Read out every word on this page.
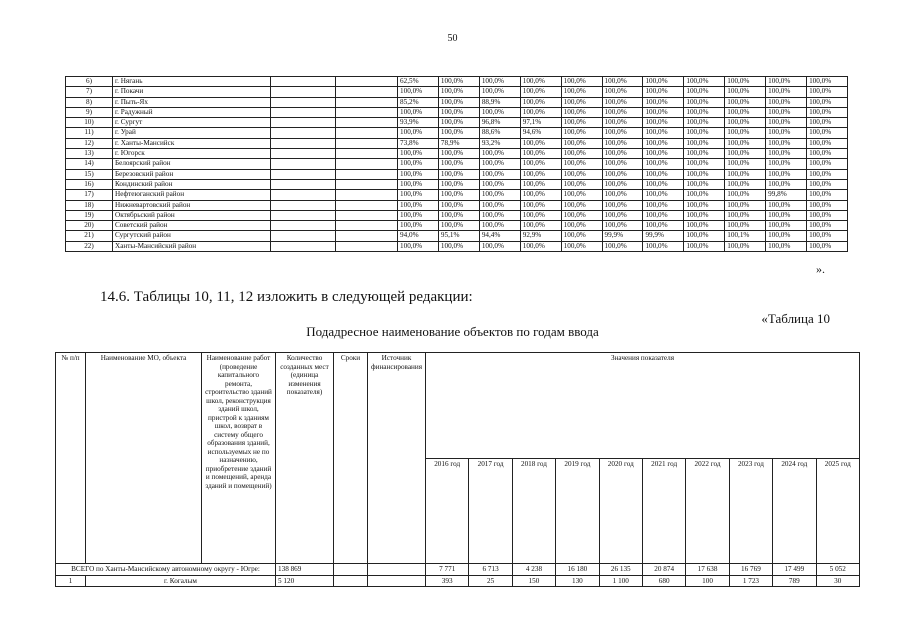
50
6)	г. Нягань			62,5%	100,0%	100,0%	100,0%	100,0%	100,0%	100,0%	100,0%	100,0%	100,0%	100,0%
7)	г. Покачи			100,0%	100,0%	100,0%	100,0%	100,0%	100,0%	100,0%	100,0%	100,0%	100,0%	100,0%
8)	г. Пыть-Ях			85,2%	100,0%	88,9%	100,0%	100,0%	100,0%	100,0%	100,0%	100,0%	100,0%	100,0%
9)	г. Радужный			100,0%	100,0%	100,0%	100,0%	100,0%	100,0%	100,0%	100,0%	100,0%	100,0%	100,0%
10)	г. Сургут			93,9%	100,0%	96,8%	97,1%	100,0%	100,0%	100,0%	100,0%	100,0%	100,0%	100,0%
11)	г. Урай			100,0%	100,0%	88,6%	94,6%	100,0%	100,0%	100,0%	100,0%	100,0%	100,0%	100,0%
12)	г. Ханты-Мансийск			73,8%	78,9%	93,2%	100,0%	100,0%	100,0%	100,0%	100,0%	100,0%	100,0%	100,0%
13)	г. Югорск			100,0%	100,0%	100,0%	100,0%	100,0%	100,0%	100,0%	100,0%	100,0%	100,0%	100,0%
14)	Белоярский район			100,0%	100,0%	100,0%	100,0%	100,0%	100,0%	100,0%	100,0%	100,0%	100,0%	100,0%
15)	Березовский район			100,0%	100,0%	100,0%	100,0%	100,0%	100,0%	100,0%	100,0%	100,0%	100,0%	100,0%
16)	Кондинский район			100,0%	100,0%	100,0%	100,0%	100,0%	100,0%	100,0%	100,0%	100,0%	100,0%	100,0%
17)	Нефтеюганский район			100,0%	100,0%	100,0%	100,0%	100,0%	100,0%	100,0%	100,0%	100,0%	99,8%	100,0%
18)	Нижневартовский район			100,0%	100,0%	100,0%	100,0%	100,0%	100,0%	100,0%	100,0%	100,0%	100,0%	100,0%
19)	Октябрьский район			100,0%	100,0%	100,0%	100,0%	100,0%	100,0%	100,0%	100,0%	100,0%	100,0%	100,0%
20)	Советский район			100,0%	100,0%	100,0%	100,0%	100,0%	100,0%	100,0%	100,0%	100,0%	100,0%	100,0%
21)	Сургутский район			94,0%	95,1%	94,4%	92,9%	100,0%	99,9%	99,9%	100,0%	100,1%	100,0%	100,0%
22)	Ханты-Мансийский район			100,0%	100,0%	100,0%	100,0%	100,0%	100,0%	100,0%	100,0%	100,0%	100,0%	100,0%
».
14.6. Таблицы 10, 11, 12 изложить в следующей редакции:
«Таблица 10
Подадресное наименование объектов по годам ввода
№ п/п	Наименование МО, объекта	Наименование работ (проведение капитального ремонта, строительство зданий школ, реконструкция зданий школ, пристрой к зданиям школ, возврат в систему общего образования зданий, используемых не по назначению, приобретение зданий и помещений, аренда зданий и помещений)	Количество созданных мест (единица изменения показателя)	Сроки	Источник финансирования	Значения показателя									
						2016 год	2017 год	2018 год	2019 год	2020 год	2021 год	2022 год	2023 год	2024 год	2025 год
ВСЕГО по Ханты-Мансийскому автономному округу - Югре:			138 869			7 771	6 713	4 238	16 180	26 135	20 874	17 638	16 769	17 499	5 052
1	г. Когалым		5 120			393	25	150	130	1 100	680	100	1 723	789	30
